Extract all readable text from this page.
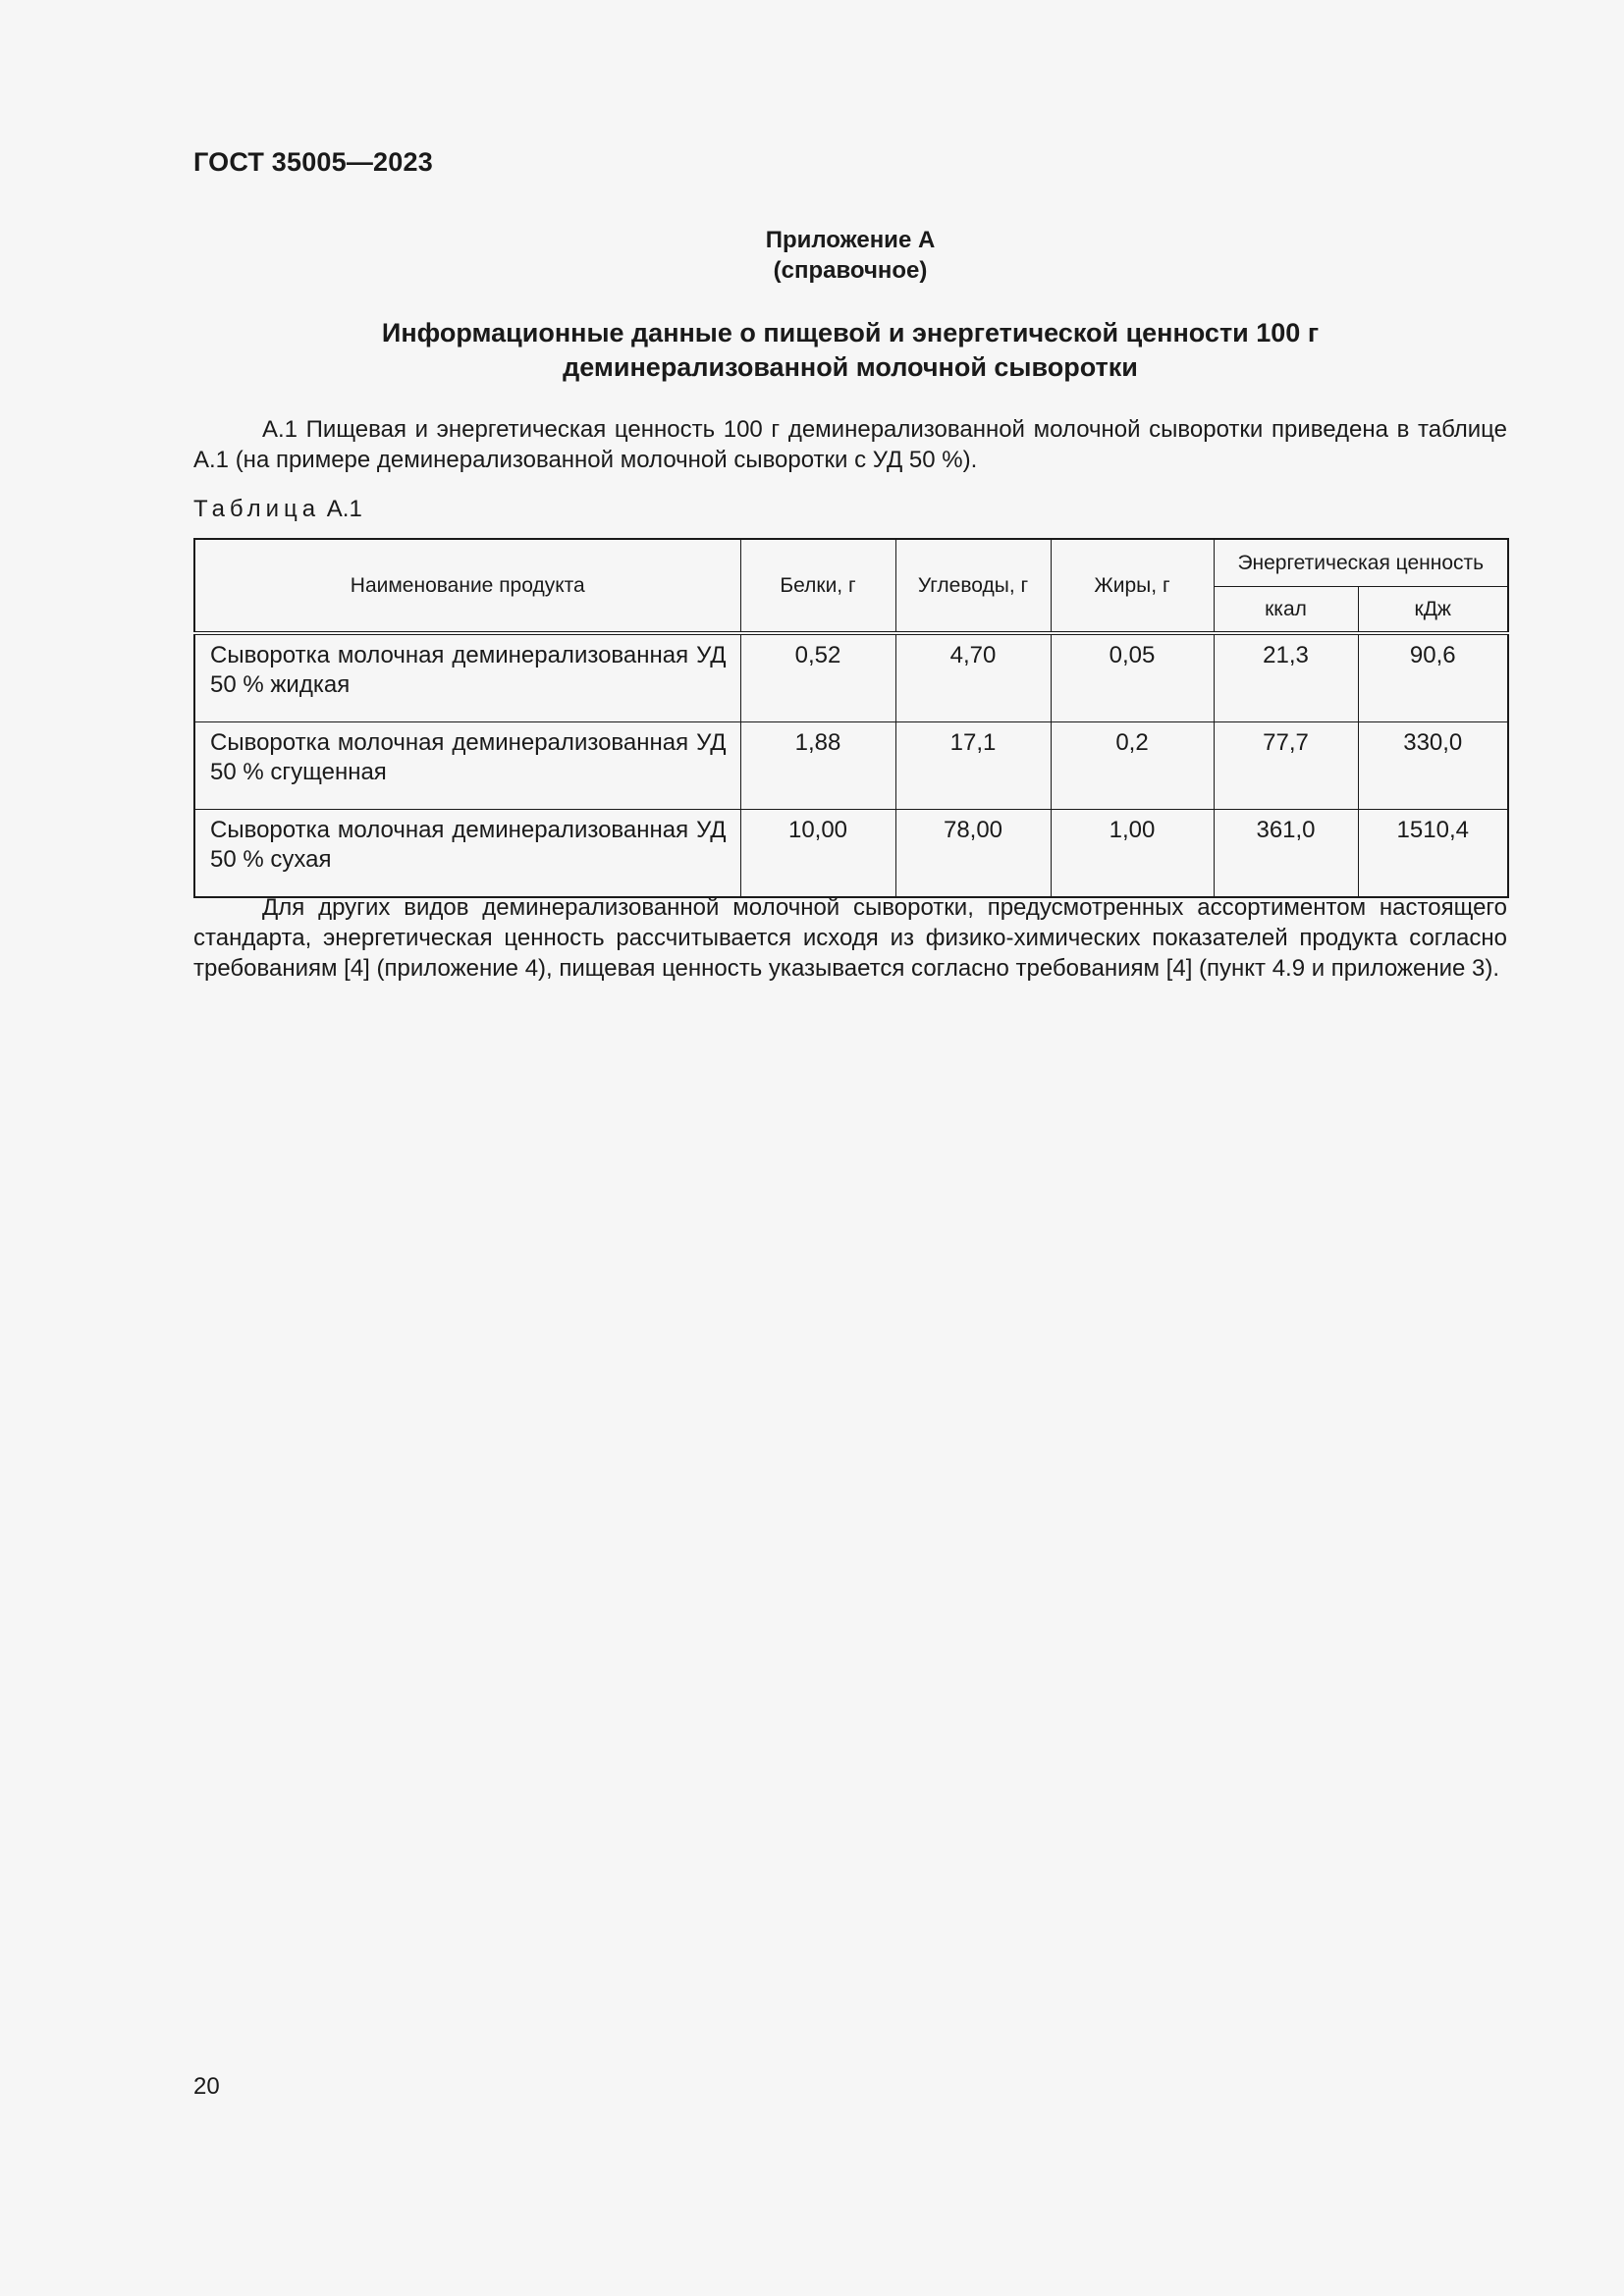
ГОСТ 35005—2023
Приложение А
(справочное)
Информационные данные о пищевой и энергетической ценности 100 г
деминерализованной молочной сыворотки
А.1 Пищевая и энергетическая ценность 100 г деминерализованной молочной сыворотки приведена в таблице А.1 (на примере деминерализованной молочной сыворотки с УД 50 %).
Таблица А.1
Наименование продукта	Белки, г	Углеводы, г	Жиры, г	Энергетическая ценность	
				ккал	кДж
Сыворотка молочная деминерализованная УД 50 % жидкая	0,52	4,70	0,05	21,3	90,6
Сыворотка молочная деминерализованная УД 50 % сгущенная	1,88	17,1	0,2	77,7	330,0
Сыворотка молочная деминерализованная УД 50 % сухая	10,00	78,00	1,00	361,0	1510,4
Для других видов деминерализованной молочной сыворотки, предусмотренных ассортиментом настоящего стандарта, энергетическая ценность рассчитывается исходя из физико-химических показателей продукта согласно требованиям [4] (приложение 4), пищевая ценность указывается согласно требованиям [4] (пункт 4.9 и приложение 3).
20
